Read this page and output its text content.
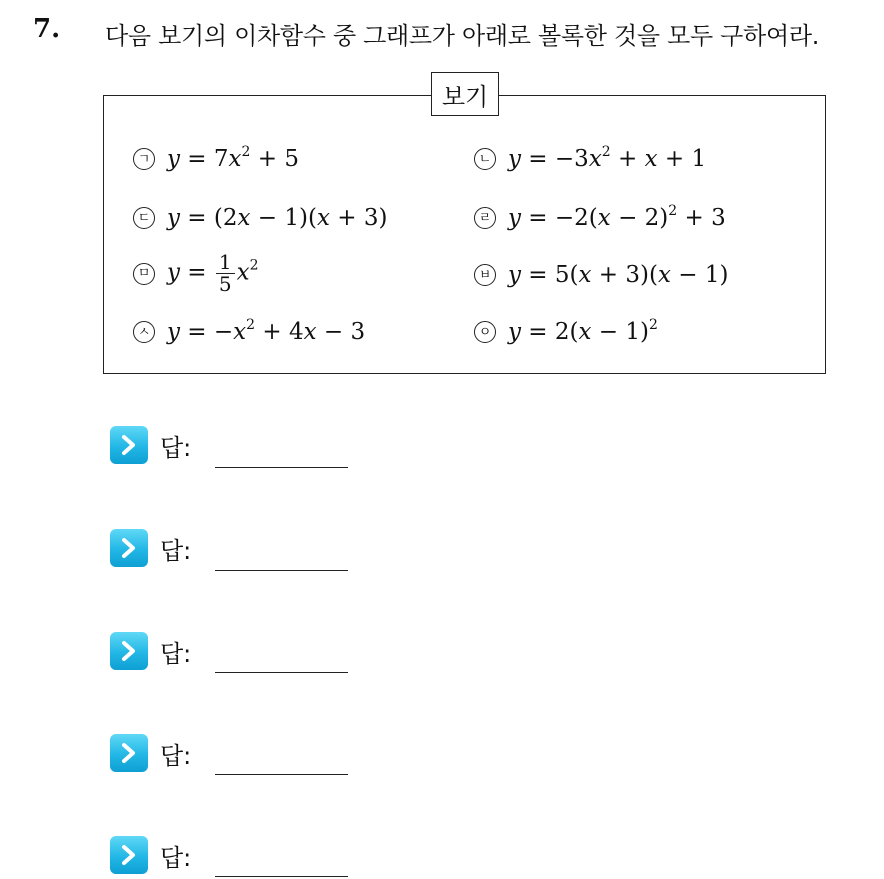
7. 다음 보기의 이차함수 중 그래프가 아래로 볼록한 것을 모두 구하여라.
보기
ㄱ $y = 7x^2 + 5$	ㄴ $y = -3x^2 + x + 1$
ㄷ y = (2x − 1)(x + 3)	ㄹ $y = -2(x - 2)^2 + 3$
ㅁ $y = \frac{1}{5} x^2$
ㅂ y = 5(x + 3)(x − 1)
ㅅ $y = -x^2 + 4x - 3$	ㅇ $y = 2(x - 1)^2$
답:
답:
답:
답:
답:
